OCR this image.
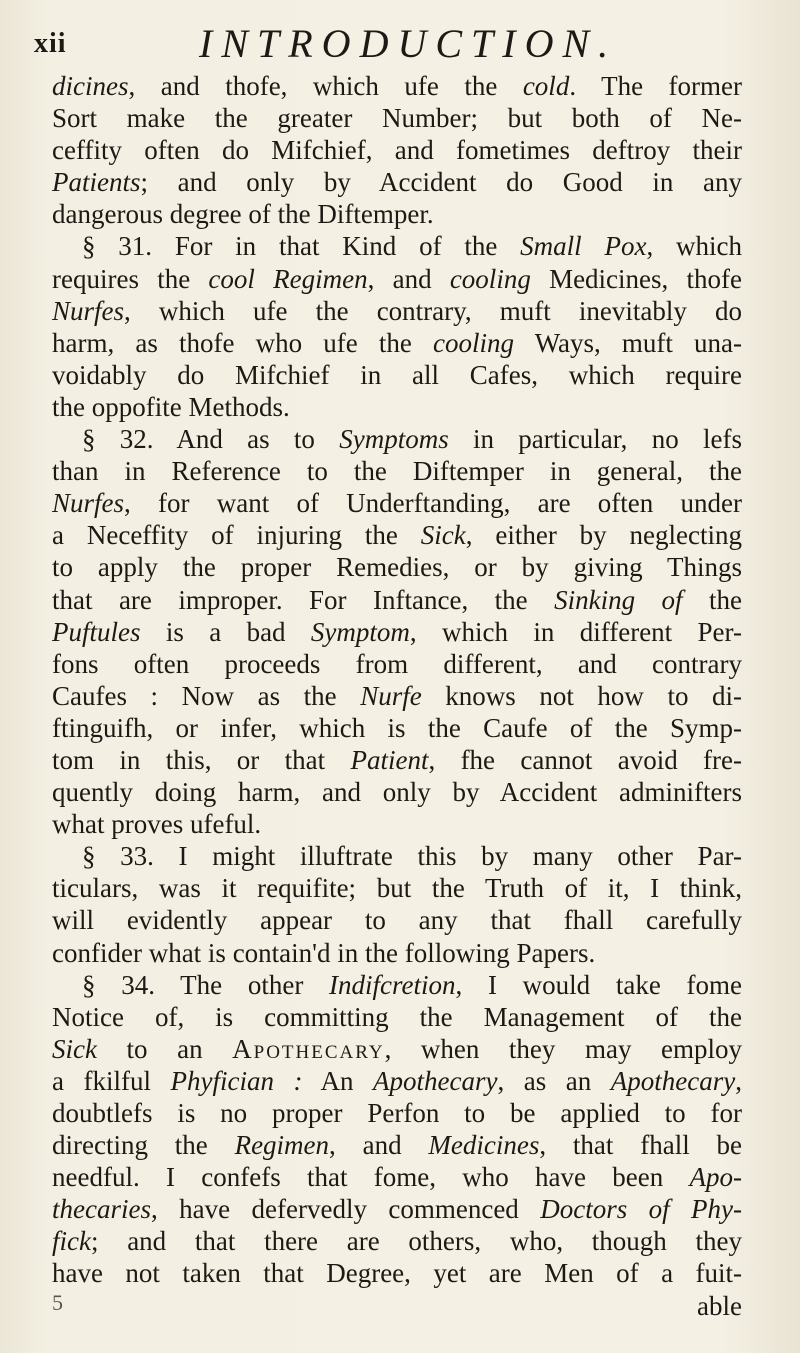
xii	INTRODUCTION.
dicines, and thofe, which ufe the cold. The former
Sort make the greater Number; but both of Ne-
ceffity often do Mifchief, and fometimes deftroy their
Patients; and only by Accident do Good in any
dangerous degree of the Diftemper.
§ 31. For in that Kind of the Small Pox, which
requires the cool Regimen, and cooling Medicines, thofe
Nurfes, which ufe the contrary, muft inevitably do
harm, as thofe who ufe the cooling Ways, muft una-
voidably do Mifchief in all Cafes, which require
the oppofite Methods.
§ 32. And as to Symptoms in particular, no lefs
than in Reference to the Diftemper in general, the
Nurfes, for want of Underftanding, are often under
a Neceffity of injuring the Sick, either by neglecting
to apply the proper Remedies, or by giving Things
that are improper. For Inftance, the Sinking of the
Puftules is a bad Symptom, which in different Per-
fons often proceeds from different, and contrary
Caufes : Now as the Nurfe knows not how to di-
ftinguifh, or infer, which is the Caufe of the Symp-
tom in this, or that Patient, fhe cannot avoid fre-
quently doing harm, and only by Accident adminifters
what proves ufeful.
§ 33. I might illuftrate this by many other Par-
ticulars, was it requifite; but the Truth of it, I think,
will evidently appear to any that fhall carefully
confider what is contain'd in the following Papers.
§ 34. The other Indifcretion, I would take fome
Notice of, is committing the Management of the
Sick to an Apothecary, when they may employ
a fkilful Phyfician : An Apothecary, as an Apothecary,
doubtlefs is no proper Perfon to be applied to for
directing the Regimen, and Medicines, that fhall be
needful. I confefs that fome, who have been Apo-
thecaries, have defervedly commenced Doctors of Phy-
fick; and that there are others, who, though they
have not taken that Degree, yet are Men of a fuit-
able
5
